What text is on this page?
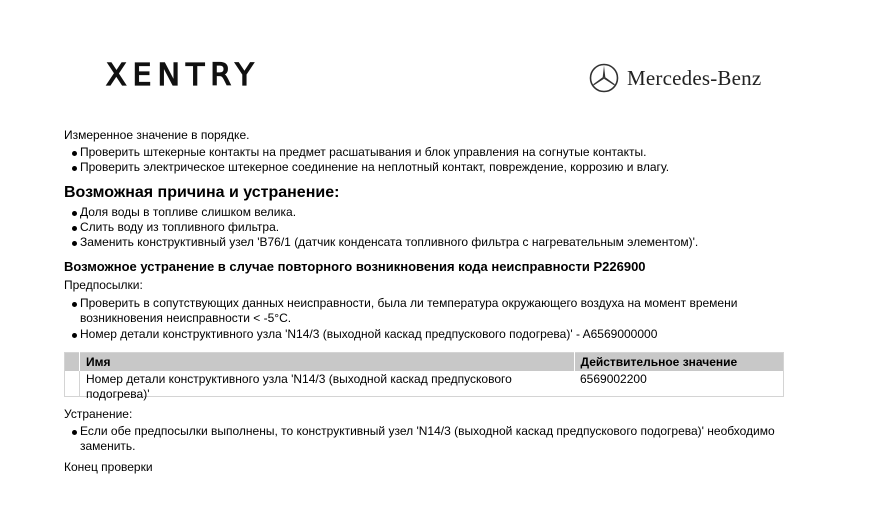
XENTRY	Mercedes-Benz

Измеренное значение в порядке.

Проверить штекерные контакты на предмет расшатывания и блок управления на согнутые контакты.
Проверить электрическое штекерное соединение на неплотный контакт, повреждение, коррозию и влагу.

Возможная причина и устранение:

Доля воды в топливе слишком велика.
Слить воду из топливного фильтра.
Заменить конструктивный узел 'B76/1 (датчик конденсата топливного фильтра с нагревательным элементом)'.

Возможное устранение в случае повторного возникновения кода неисправности P226900

Предпосылки:

Проверить в сопутствующих данных неисправности, была ли температура окружающего воздуха на момент времени возникновения неисправности < -5°C.
Номер детали конструктивного узла 'N14/3 (выходной каскад предпускового подогрева)' - A6569000000
	Имя	Действительное значение

	Номер детали конструктивного узла 'N14/3 (выходной каскад предпускового подогрева)'	6569002200

Устранение:

Если обе предпосылки выполнены, то конструктивный узел 'N14/3 (выходной каскад предпускового подогрева)' необходимо заменить.

Конец проверки
